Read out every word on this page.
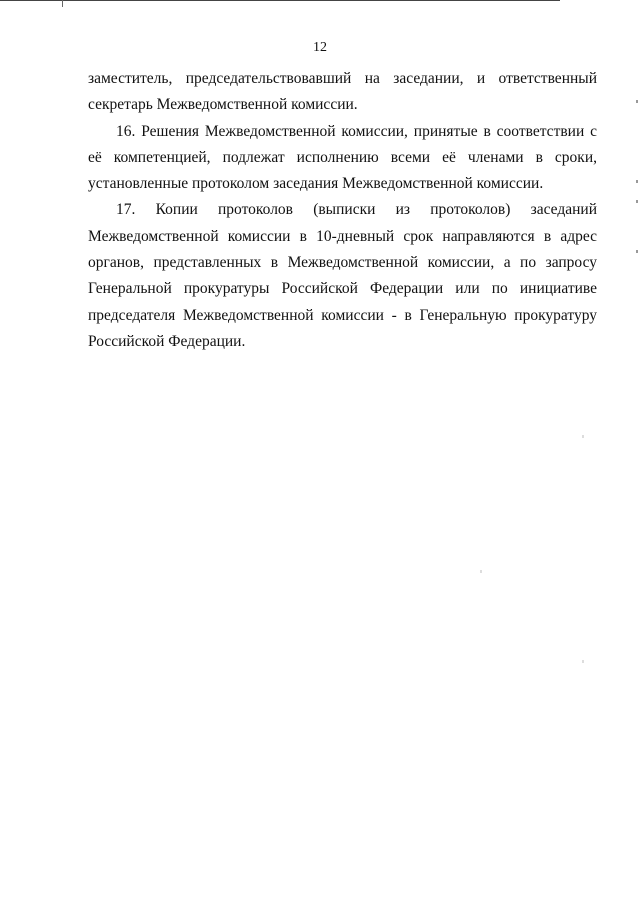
12

заместитель, председательствовавший на заседании, и ответственный секретарь Межведомственной комиссии.

16. Решения Межведомственной комиссии, принятые в соответствии с её компетенцией, подлежат исполнению всеми её членами в сроки, установленные протоколом заседания Межведомственной комиссии.

17. Копии протоколов (выписки из протоколов) заседаний Межведомственной комиссии в 10-дневный срок направляются в адрес органов, представленных в Межведомственной комиссии, а по запросу Генеральной прокуратуры Российской Федерации или по инициативе председателя Межведомственной комиссии - в Генеральную прокуратуру Российской Федерации.
